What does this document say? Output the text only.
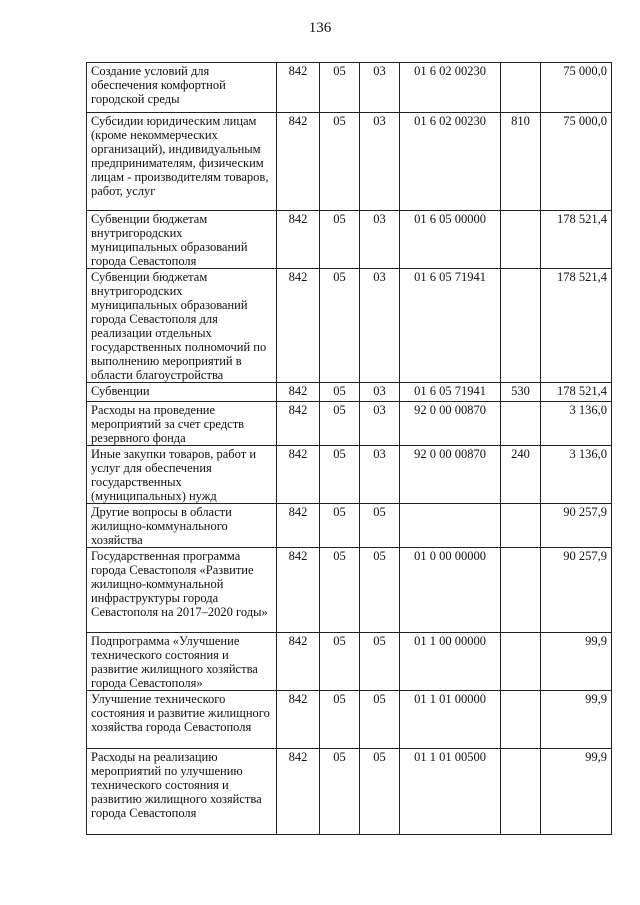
136
Создание условий для обеспечения комфортной городской среды	842	05	03	01 6 02 00230		75 000,0
Субсидии юридическим лицам (кроме некоммерческих организаций), индивидуальным предпринимателям, физическим лицам - производителям товаров, работ, услуг	842	05	03	01 6 02 00230	810	75 000,0
Субвенции бюджетам внутригородских муниципальных образований города Севастополя	842	05	03	01 6 05 00000		178 521,4
Субвенции бюджетам внутригородских муниципальных образований города Севастополя для реализации отдельных государственных полномочий по выполнению мероприятий в области благоустройства	842	05	03	01 6 05 71941		178 521,4
Субвенции	842	05	03	01 6 05 71941	530	178 521,4
Расходы на проведение мероприятий за счет средств резервного фонда	842	05	03	92 0 00 00870		3 136,0
Иные закупки товаров, работ и услуг для обеспечения государственных (муниципальных) нужд	842	05	03	92 0 00 00870	240	3 136,0
Другие вопросы в области жилищно-коммунального хозяйства	842	05	05			90 257,9
Государственная программа города Севастополя «Развитие жилищно-коммунальной инфраструктуры города Севастополя на 2017–2020 годы»	842	05	05	01 0 00 00000		90 257,9
Подпрограмма «Улучшение технического состояния и развитие жилищного хозяйства города Севастополя»	842	05	05	01 1 00 00000		99,9
Улучшение технического состояния и развитие жилищного хозяйства города Севастополя	842	05	05	01 1 01 00000		99,9
Расходы на реализацию мероприятий по улучшению технического состояния и развитию жилищного хозяйства города Севастополя	842	05	05	01 1 01 00500		99,9
